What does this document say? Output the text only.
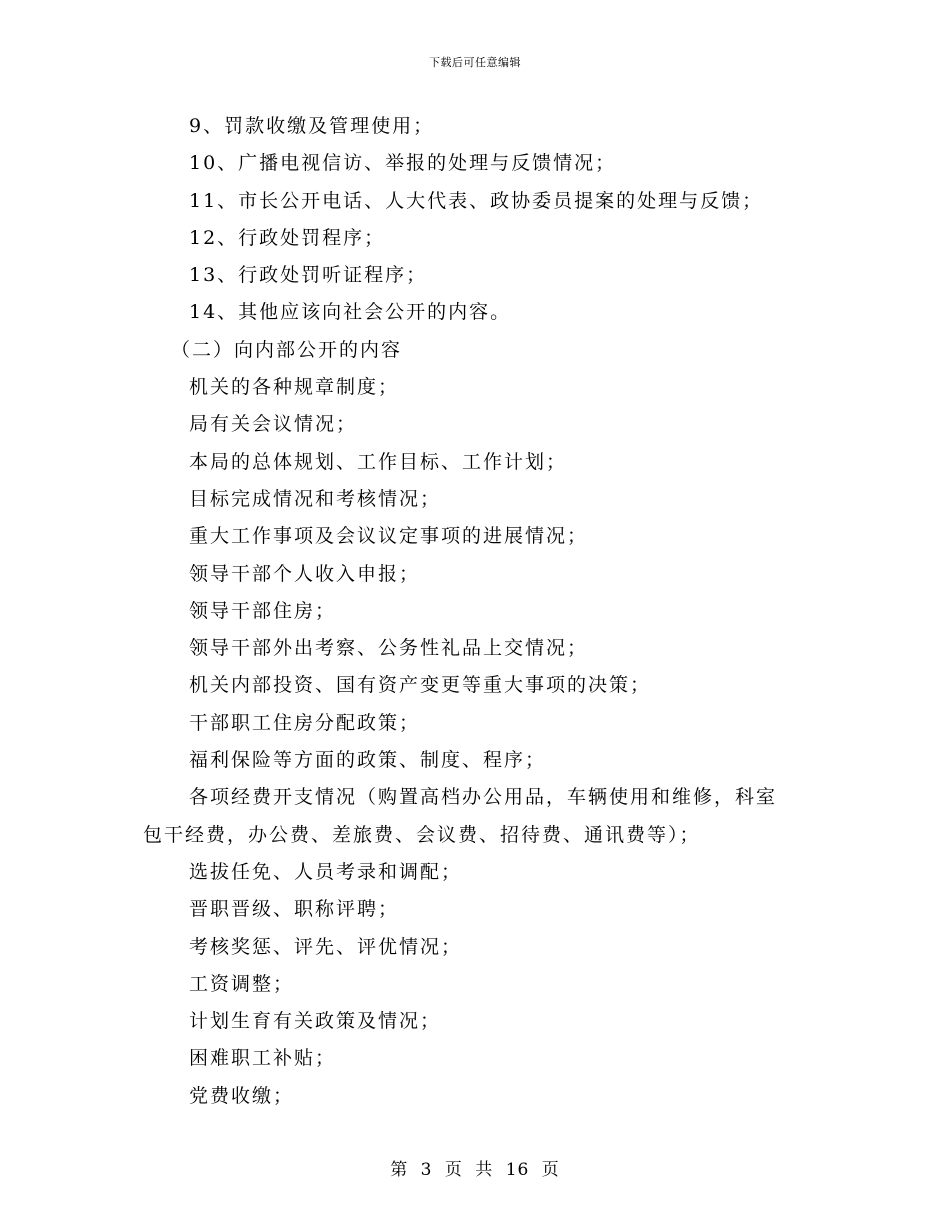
下载后可任意编辑
9、罚款收缴及管理使用；
10、广播电视信访、举报的处理与反馈情况；
11、市长公开电话、人大代表、政协委员提案的处理与反馈；
12、行政处罚程序；
13、行政处罚听证程序；
14、其他应该向社会公开的内容。
（二）向内部公开的内容
机关的各种规章制度；
局有关会议情况；
本局的总体规划、工作目标、工作计划；
目标完成情况和考核情况；
重大工作事项及会议议定事项的进展情况；
领导干部个人收入申报；
领导干部住房；
领导干部外出考察、公务性礼品上交情况；
机关内部投资、国有资产变更等重大事项的决策；
干部职工住房分配政策；
福利保险等方面的政策、制度、程序；
各项经费开支情况（购置高档办公用品，车辆使用和维修，科室
包干经费，办公费、差旅费、会议费、招待费、通讯费等）；
选拔任免、人员考录和调配；
晋职晋级、职称评聘；
考核奖惩、评先、评优情况；
工资调整；
计划生育有关政策及情况；
困难职工补贴；
党费收缴；
第 3 页 共 16 页
